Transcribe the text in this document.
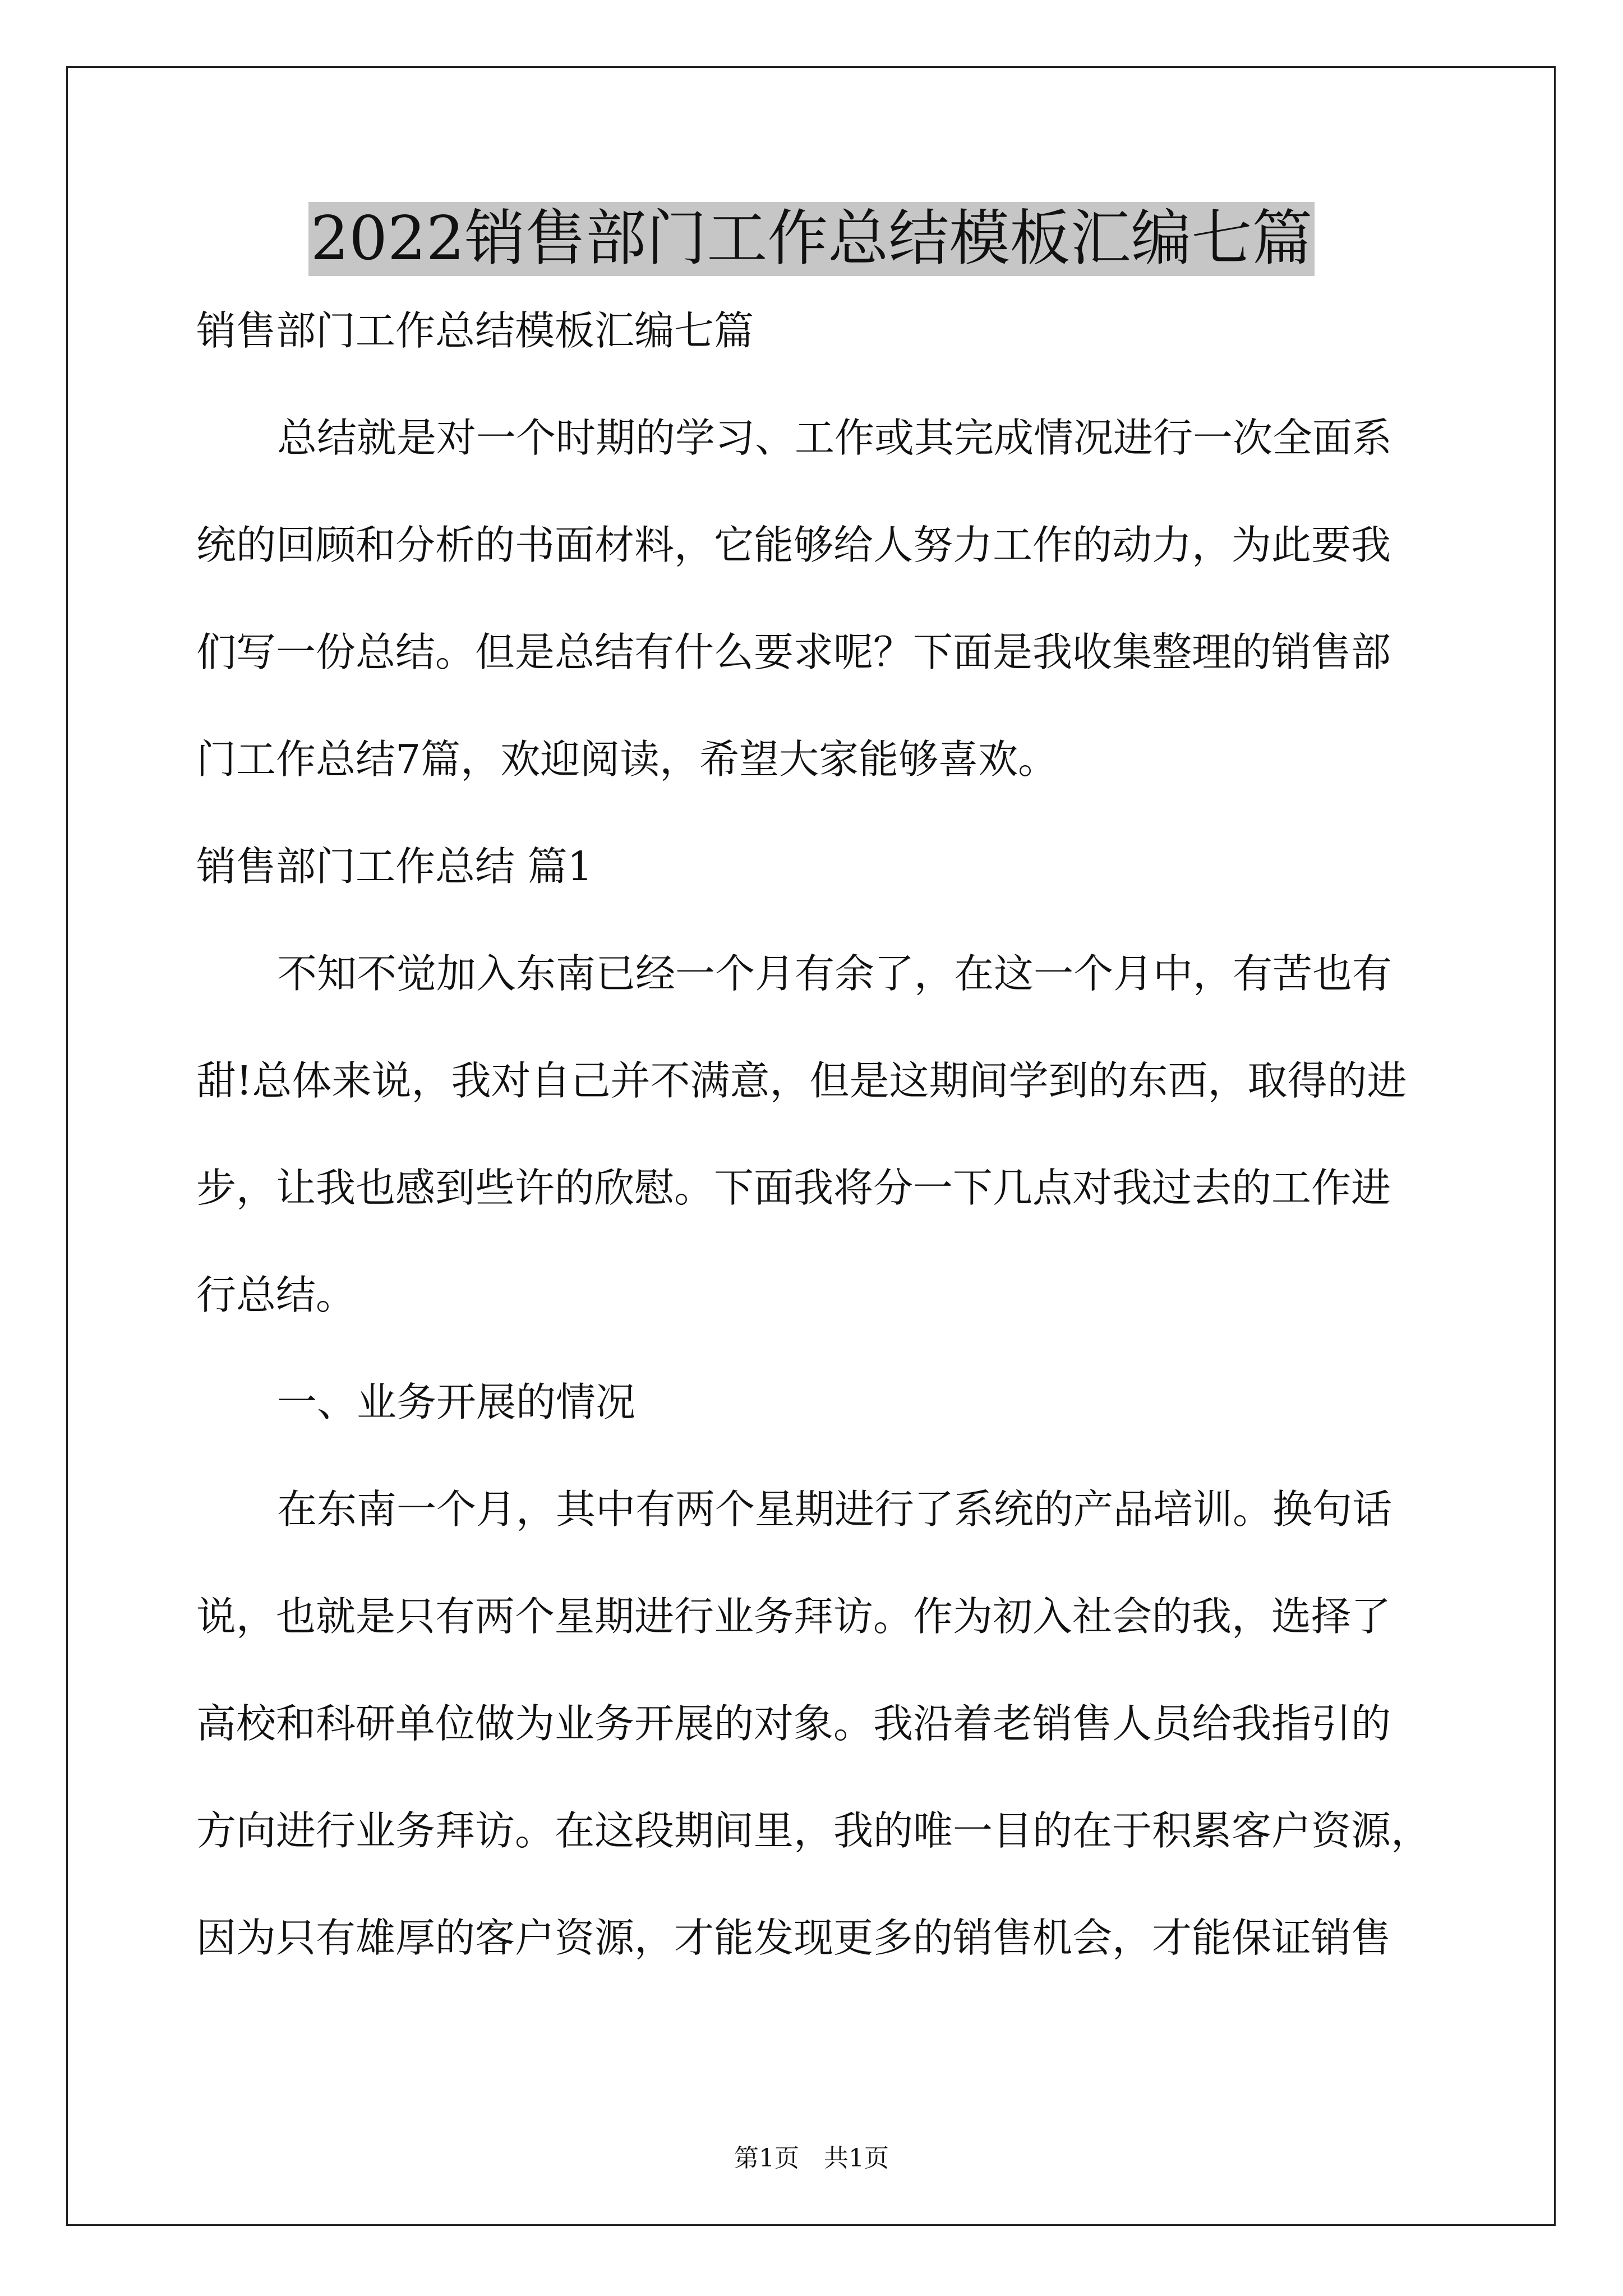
2022销售部门工作总结模板汇编七篇
销售部门工作总结模板汇编七篇
总结就是对一个时期的学习、工作或其完成情况进行一次全面系
统的回顾和分析的书面材料，它能够给人努力工作的动力，为此要我
们写一份总结。但是总结有什么要求呢？下面是我收集整理的销售部
门工作总结7篇，欢迎阅读，希望大家能够喜欢。
销售部门工作总结 篇1
不知不觉加入东南已经一个月有余了，在这一个月中，有苦也有
甜!总体来说，我对自己并不满意，但是这期间学到的东西，取得的进
步，让我也感到些许的欣慰。下面我将分一下几点对我过去的工作进
行总结。
一、业务开展的情况
在东南一个月，其中有两个星期进行了系统的产品培训。换句话
说，也就是只有两个星期进行业务拜访。作为初入社会的我，选择了
高校和科研单位做为业务开展的对象。我沿着老销售人员给我指引的
方向进行业务拜访。在这段期间里，我的唯一目的在于积累客户资源，
因为只有雄厚的客户资源，才能发现更多的销售机会，才能保证销售
第1页　共1页
